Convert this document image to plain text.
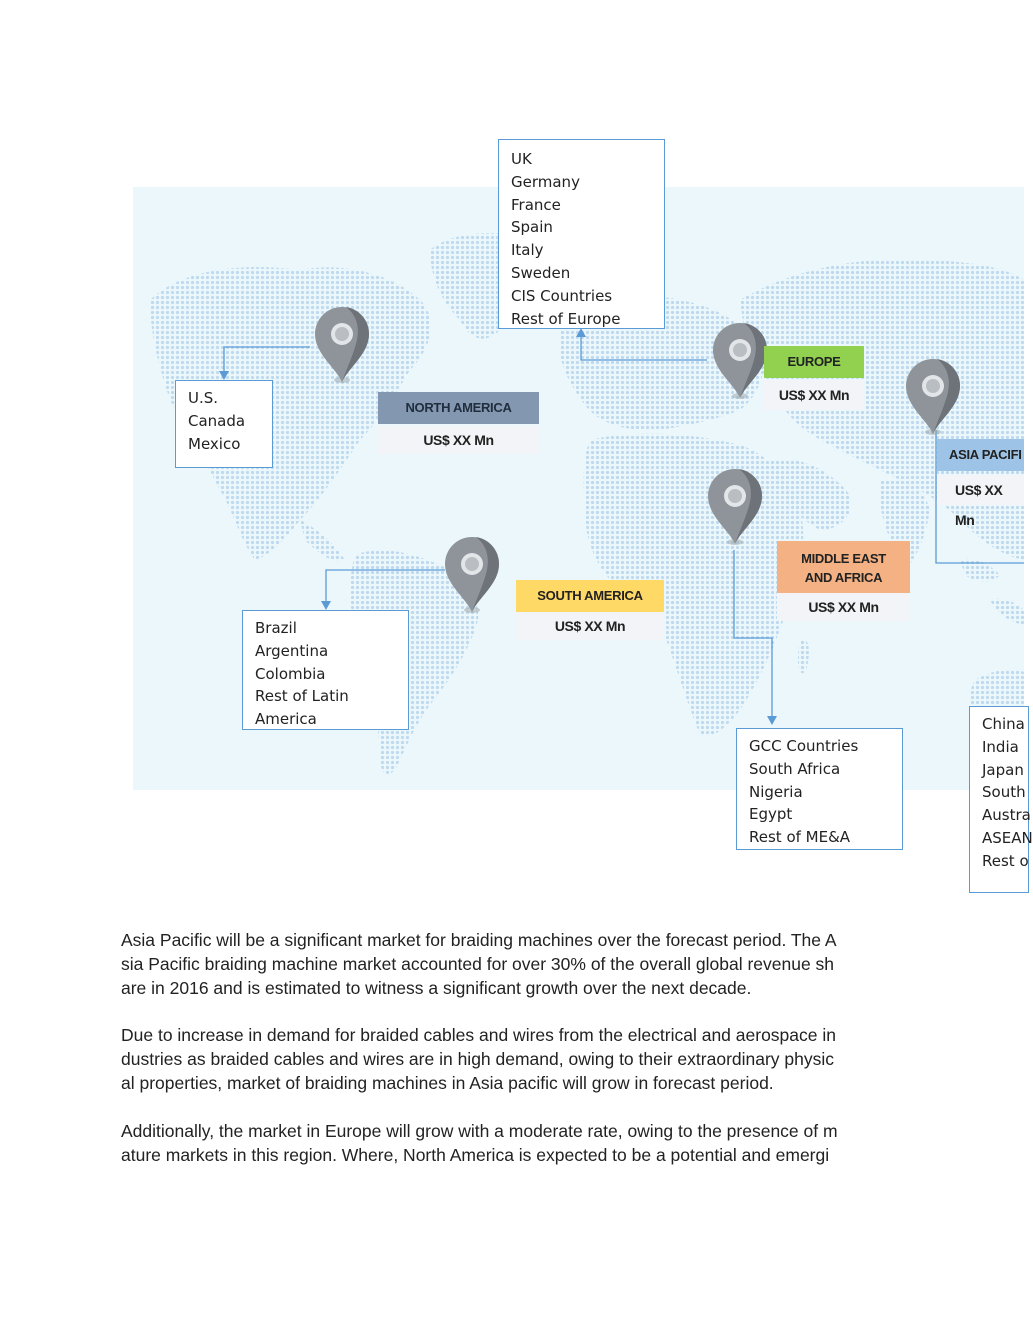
UK
Germany
France
Spain
Italy
Sweden
CIS Countries
Rest of Europe
U.S.
Canada
Mexico
NORTH AMERICA
US$ XX Mn
EUROPE
US$ XX Mn
ASIA PACIFI
US$ XX Mn
MIDDLE EAST
AND AFRICA
US$ XX Mn
SOUTH AMERICA
US$ XX Mn
Brazil
Argentina
Colombia
Rest of Latin
America
GCC Countries
South Africa
Nigeria
Egypt
Rest of ME&A
China
India
Japan
South
Austra
ASEAN
Rest o
Asia Pacific will be a significant market for braiding machines over the forecast period. The A
sia Pacific braiding machine market accounted for over 30% of the overall global revenue sh
are in 2016 and is estimated to witness a significant growth over the next decade.
Due to increase in demand for braided cables and wires from the electrical and aerospace in
dustries as braided cables and wires are in high demand, owing to their extraordinary physic
al properties, market of braiding machines in Asia pacific will grow in forecast period.
Additionally, the market in Europe will grow with a moderate rate, owing to the presence of m
ature markets in this region. Where, North America is expected to be a potential and emergi
